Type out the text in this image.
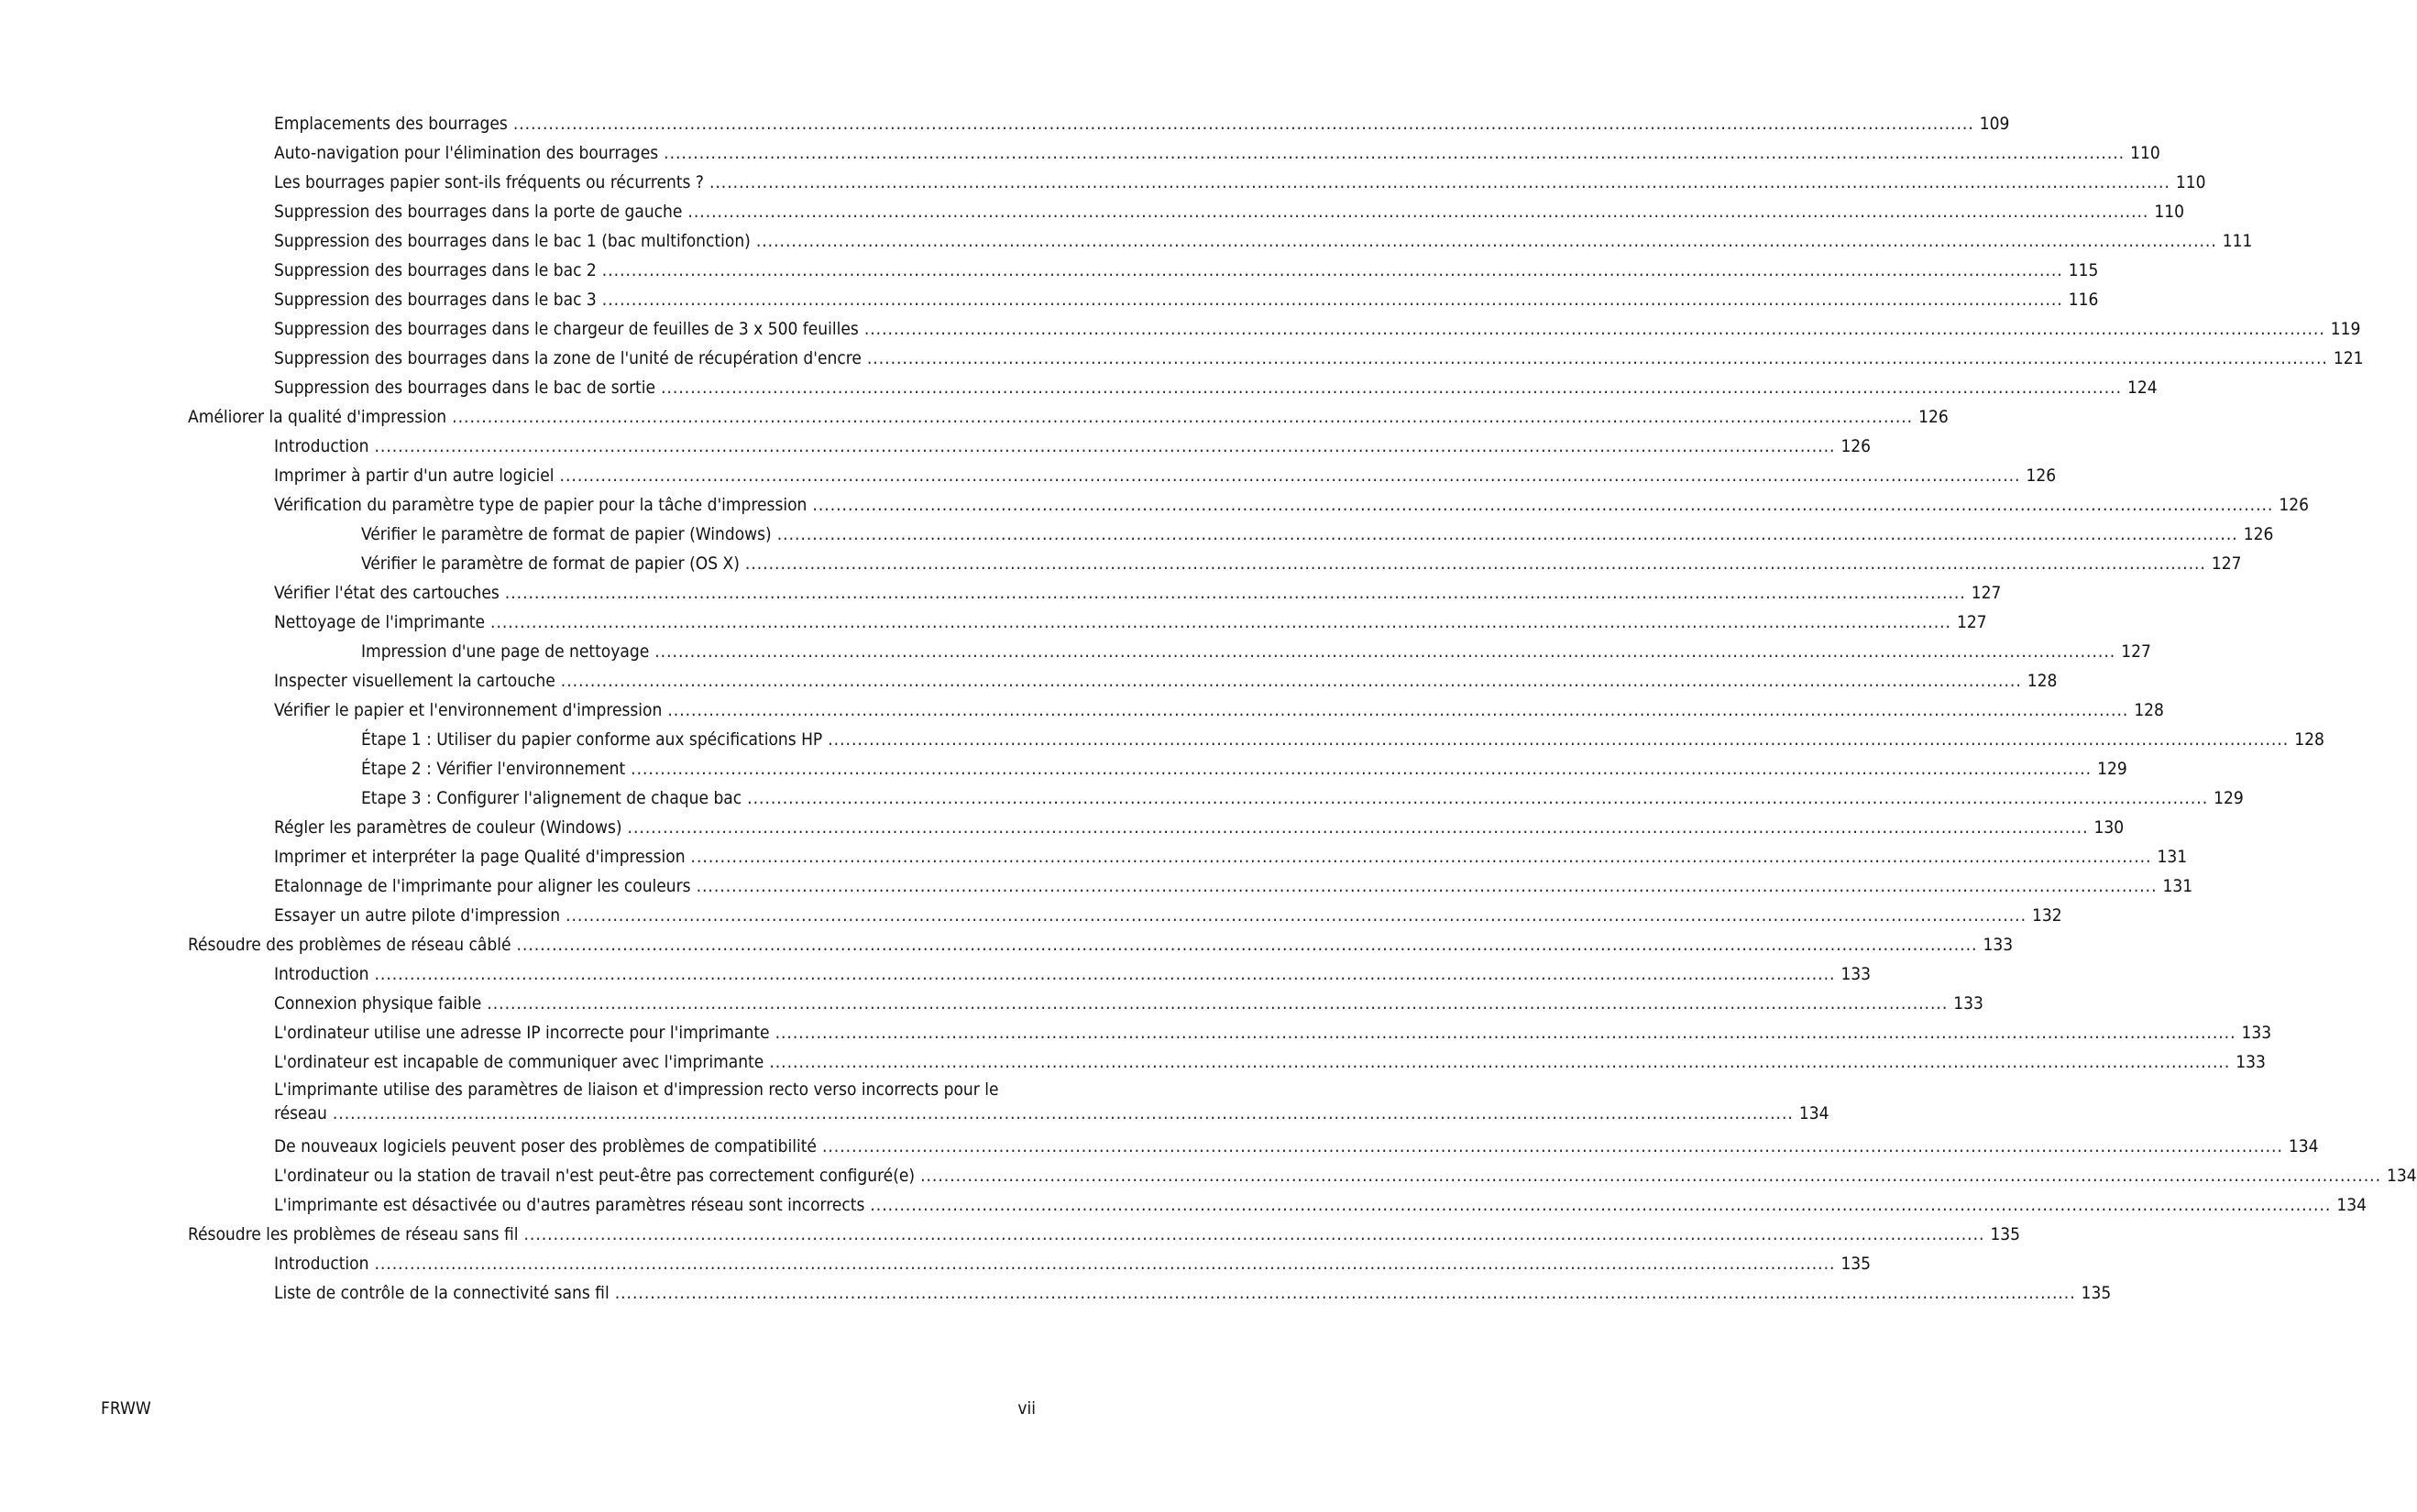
Emplacements des bourrages .....	109
Auto-navigation pour l'élimination des bourrages .....	110
Les bourrages papier sont-ils fréquents ou récurrents ? .....	110
Suppression des bourrages dans la porte de gauche .....	110
Suppression des bourrages dans le bac 1 (bac multifonction) .....	111
Suppression des bourrages dans le bac 2 .....	115
Suppression des bourrages dans le bac 3 .....	116
Suppression des bourrages dans le chargeur de feuilles de 3 x 500 feuilles .....	119
Suppression des bourrages dans la zone de l'unité de récupération d'encre .....	121
Suppression des bourrages dans le bac de sortie .....	124
Améliorer la qualité d'impression .....	126
Introduction .....	126
Imprimer à partir d'un autre logiciel .....	126
Vérification du paramètre type de papier pour la tâche d'impression .....	126
Vérifier le paramètre de format de papier (Windows) .....	126
Vérifier le paramètre de format de papier (OS X) .....	127
Vérifier l'état des cartouches .....	127
Nettoyage de l'imprimante .....	127
Impression d'une page de nettoyage .....	127
Inspecter visuellement la cartouche .....	128
Vérifier le papier et l'environnement d'impression .....	128
Étape 1 : Utiliser du papier conforme aux spécifications HP .....	128
Étape 2 : Vérifier l'environnement .....	129
Etape 3 : Configurer l'alignement de chaque bac .....	129
Régler les paramètres de couleur (Windows) .....	130
Imprimer et interpréter la page Qualité d'impression .....	131
Etalonnage de l'imprimante pour aligner les couleurs .....	131
Essayer un autre pilote d'impression .....	132
Résoudre des problèmes de réseau câblé .....	133
Introduction .....	133
Connexion physique faible .....	133
L'ordinateur utilise une adresse IP incorrecte pour l'imprimante .....	133
L'ordinateur est incapable de communiquer avec l'imprimante .....	133
L'imprimante utilise des paramètres de liaison et d'impression recto verso incorrects pour le
réseau .....	134
De nouveaux logiciels peuvent poser des problèmes de compatibilité .....	134
L'ordinateur ou la station de travail n'est peut-être pas correctement configuré(e) .....	134
L'imprimante est désactivée ou d'autres paramètres réseau sont incorrects .....	134
Résoudre les problèmes de réseau sans fil .....	135
Introduction .....	135
Liste de contrôle de la connectivité sans fil .....	135
FRWW	vii
